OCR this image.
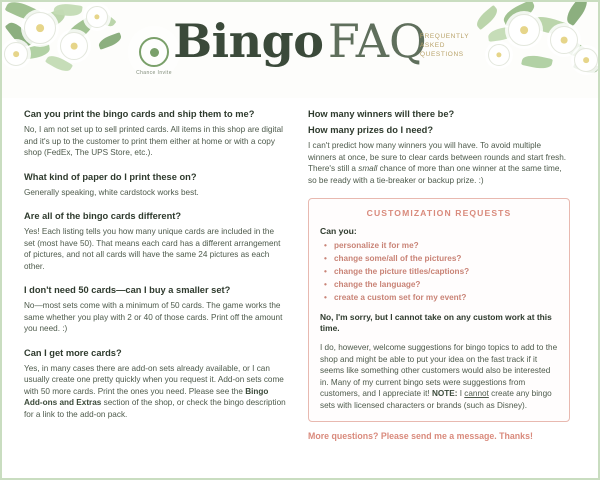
Chance Invite
Bingo FAQ
FREQUENTLY
ASKED
QUESTIONS
Can you print the bingo cards and ship them to me?

No, I am not set up to sell printed cards. All items in this shop are digital and it's up to the customer to print them either at home or with a copy shop (FedEx, The UPS Store, etc.).

What kind of paper do I print these on?

Generally speaking, white cardstock works best.

Are all of the bingo cards different?

Yes! Each listing tells you how many unique cards are included in the set (most have 50). That means each card has a different arrangement of pictures, and not all cards will have the same 24 pictures as each other.

I don't need 50 cards—can I buy a smaller set?

No—most sets come with a minimum of 50 cards. The game works the same whether you play with 2 or 40 of those cards. Print off the amount you need. :)

Can I get more cards?

Yes, in many cases there are add-on sets already available, or I can usually create one pretty quickly when you request it. Add-on sets come with 50 more cards. Print the ones you need. Please see the Bingo Add-ons and Extras section of the shop, or check the bingo description for a link to the add-on pack.

How many winners will there be?
How many prizes do I need?

I can't predict how many winners you will have. To avoid multiple winners at once, be sure to clear cards between rounds and start fresh. There's still a small chance of more than one winner at the same time, so be ready with a tie-breaker or backup prize. :)

CUSTOMIZATION REQUESTS

Can you:

• personalize it for me?
• change some/all of the pictures?
• change the picture titles/captions?
• change the language?
• create a custom set for my event?

No, I'm sorry, but I cannot take on any custom work at this time.

I do, however, welcome suggestions for bingo topics to add to the shop and might be able to put your idea on the fast track if it seems like something other customers would also be interested in. Many of my current bingo sets were suggestions from customers, and I appreciate it! NOTE: I cannot create any bingo sets with licensed characters or brands (such as Disney).

More questions? Please send me a message. Thanks!
